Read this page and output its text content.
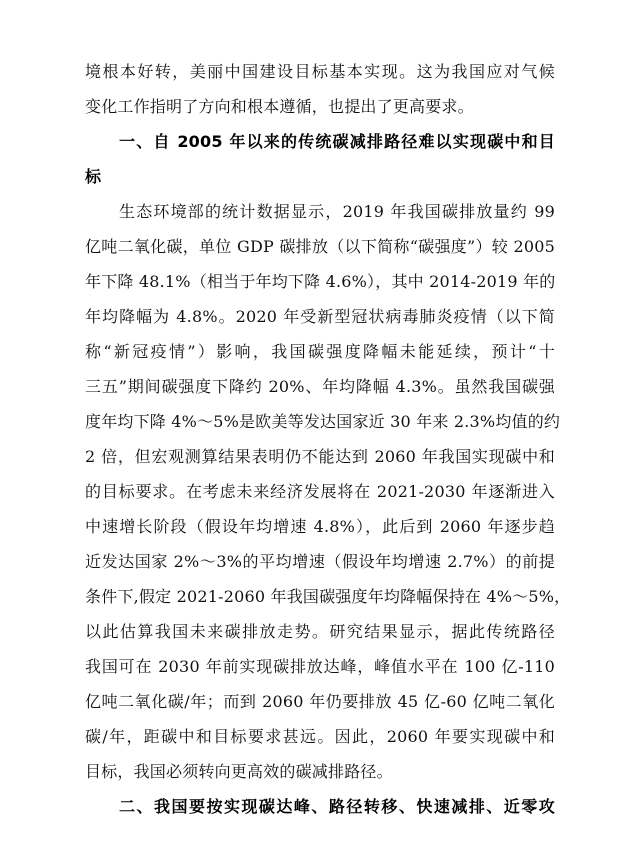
境根本好转，美丽中国建设目标基本实现。这为我国应对气候
变化工作指明了方向和根本遵循，也提出了更高要求。
一、自 2005 年以来的传统碳减排路径难以实现碳中和目
标
生态环境部的统计数据显示，2019 年我国碳排放量约 99
亿吨二氧化碳，单位 GDP 碳排放（以下简称“碳强度”）较 2005
年下降 48.1%（相当于年均下降 4.6%），其中 2014-2019 年的
年均降幅为 4.8%。2020 年受新型冠状病毒肺炎疫情（以下简
称“新冠疫情”）影响，我国碳强度降幅未能延续，预计“十
三五”期间碳强度下降约 20%、年均降幅 4.3%。虽然我国碳强
度年均下降 4%～5%是欧美等发达国家近 30 年来 2.3%均值的约
2 倍，但宏观测算结果表明仍不能达到 2060 年我国实现碳中和
的目标要求。在考虑未来经济发展将在 2021-2030 年逐渐进入
中速增长阶段（假设年均增速 4.8%），此后到 2060 年逐步趋
近发达国家 2%～3%的平均增速（假设年均增速 2.7%）的前提
条件下,假定 2021-2060 年我国碳强度年均降幅保持在 4%～5%，
以此估算我国未来碳排放走势。研究结果显示，据此传统路径
我国可在 2030 年前实现碳排放达峰，峰值水平在 100 亿-110
亿吨二氧化碳/年；而到 2060 年仍要排放 45 亿-60 亿吨二氧化
碳/年，距碳中和目标要求甚远。因此，2060 年要实现碳中和
目标，我国必须转向更高效的碳减排路径。
二、我国要按实现碳达峰、路径转移、快速减排、近零攻
